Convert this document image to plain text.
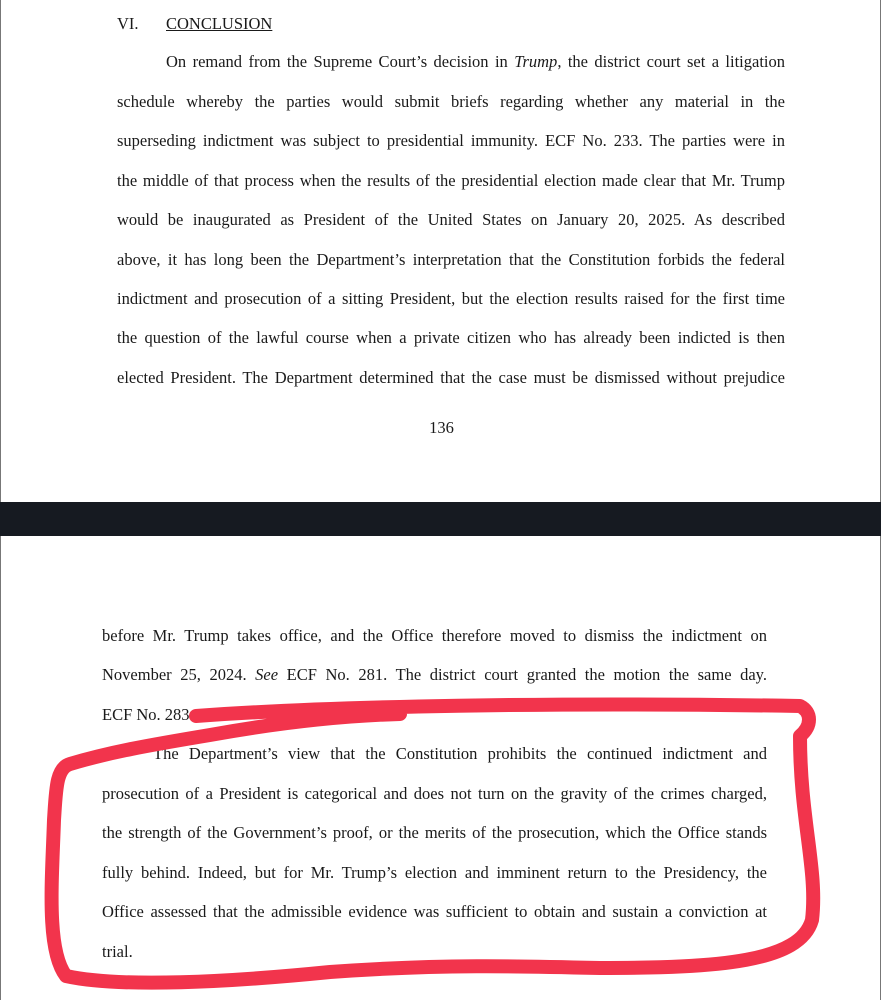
VI. CONCLUSION
On remand from the Supreme Court’s decision in Trump, the district court set a litigation
schedule whereby the parties would submit briefs regarding whether any material in the
superseding indictment was subject to presidential immunity. ECF No. 233. The parties were in
the middle of that process when the results of the presidential election made clear that Mr. Trump
would be inaugurated as President of the United States on January 20, 2025. As described
above, it has long been the Department’s interpretation that the Constitution forbids the federal
indictment and prosecution of a sitting President, but the election results raised for the first time
the question of the lawful course when a private citizen who has already been indicted is then
elected President. The Department determined that the case must be dismissed without prejudice
136
before Mr. Trump takes office, and the Office therefore moved to dismiss the indictment on
November 25, 2024. See ECF No. 281. The district court granted the motion the same day.
ECF No. 283.
The Department’s view that the Constitution prohibits the continued indictment and
prosecution of a President is categorical and does not turn on the gravity of the crimes charged,
the strength of the Government’s proof, or the merits of the prosecution, which the Office stands
fully behind. Indeed, but for Mr. Trump’s election and imminent return to the Presidency, the
Office assessed that the admissible evidence was sufficient to obtain and sustain a conviction at
trial.
